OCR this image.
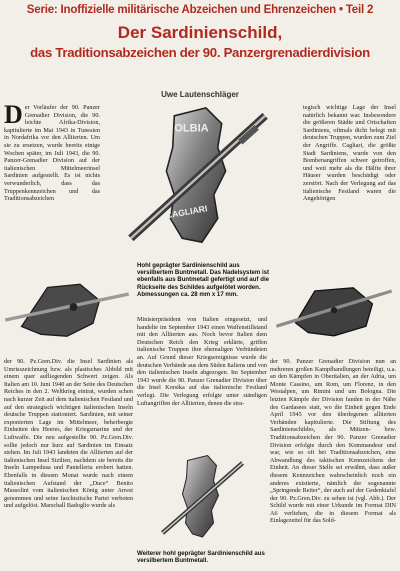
Serie: Inoffizielle militärische Abzeichen und Ehrenzeichen • Teil 2
Der Sardinienschild,
das Traditionsabzeichen der 90. Panzergrenadierdivision
Uwe Lautenschläger
Der Vorläufer der 90. Panzer Grenadier Division, die 90. leichte Afrika-Division, kapitulierte im Mai 1943 in Tunesien in Nordafrika vor den Alliierten. Um sie zu ersetzen, wurde bereits einige Wochen später, im Juli 1943, die 90. Panzer-Grenadier Division auf der italienischen Mittelmeerinsel Sardinien aufgestellt. Es ist nichts verwunderlich, dass das Truppenkennzeichen und das Traditionsabzeichen
tegisch wichtige Lage der Insel natürlich bekannt war. Insbesondere die größeren Städte und Ortschaften Sardiniens, oftmals dicht belegt mit deutschen Truppen, wurden zum Ziel der Angriffe. Cagliari, die größte Stadt Sardiniens, wurde von den Bombenangriffen schwer getroffen, und weit mehr als die Hälfte ihrer Häuser wurden beschädigt oder zerstört. Nach der Verlegung auf das italienische Festland waren die Angehörigen
OLBIA
CAGLIARI
Hohl geprägter Sardinienschild aus versilbertem Buntmetall. Das Nadelsystem ist ebenfalls aus Buntmetall gefertigt und auf die Rückseite des Schildes aufgelötet worden.
Abmessungen ca. 28 mm x 17 mm.
der 90. Pz.Gren.Div. die Insel Sardinien als Umrisszeichnung bzw. als plastisches Abbild mit einem quer aufliegenden Schwert zeigen. Als Italien am 10. Juni 1940 an der Seite des Deutschen Reiches in den 2. Weltkrieg eintrat, wurden schon nach kurzer Zeit auf dem italienischen Festland und auf den strategisch wichtigen italienischen Inseln deutsche Truppen stationiert. Sardinien, mit seiner exponierten Lage im Mittelmeer, beherbergte Einheiten des Heeres, der Kriegsmarine und der Luftwaffe. Die neu aufgestellte 90. Pz.Gren.Div. sollte jedoch nur kurz auf Sardinien im Einsatz stehen. Im Juli 1943 landeten die Alliierten auf der italienischen Insel Sizilien, nachdem sie bereits die Inseln Lampedusa und Pantelleria erobert hatten. Ebenfalls in diesem Monat wurde nach einem italienischen Aufstand der „Duce“ Benito Mussolini vom italienischen König unter Arrest genommen und seine faschistische Partei verboten und aufgelöst. Marschall Badoglio wurde als
Ministerpräsident von Italien eingesetzt, und handelte im September 1943 einen Waffenstillstand mit den Alliierten aus. Noch bevor Italien dem Deutschen Reich den Krieg erklärte, griffen italienische Truppen ihre ehemaligen Verbündeten an. Auf Grund dieser Kriegsereignisse wurde die deutschen Verbände aus dem Süden Italiens und von den italienischen Inseln abgezogen. Im September 1943 wurde die 90. Panzer Grenadier Division über die Insel Korsika auf das italienische Festland verlegt. Die Verlegung erfolgte unter ständigen Luftangriffen der Alliierten, denen die stra-
der 90. Panzer Grenadier Division nun an mehreren großen Kampfhandlungen beteiligt, u.a. an den Kämpfen in Oberitalien, an der Adria, um Monte Cassino, um Rom, um Florenz, in den Westalpen, um Rimini und um Bologna. Die letzten Kämpfe der Division fanden in der Nähe des Gardasees statt, wo die Einheit gegen Ende April 1945 vor den überlegenen alliierten Verbänden kapitulierte. Die Stiftung des Sardinienschildes, als Mützen- bzw. Traditionsabzeichen der 90. Panzer Grenadier Division erfolgte durch den Kommandeur und war, wie so oft bei Traditionsabzeichen, eine Abwandlung des taktischen Kennzeichens der Einheit. An dieser Stelle sei erwähnt, dass außer diesem Kennzeichen wahrscheinlich noch ein anderes existierte, nämlich der sogenannte „Springende Reiter“, der auch auf der Gedenktafel der 90. Pz.Gren.Div. zu sehen ist (vgl. Abb.). Der Schild wurde mit einer Urkunde im Format DIN A6 verliehen, die in diesem Format als Einlagezettel für das Sold-
Weiterer hohl geprägter Sardinienschild aus versilbertem Buntmetall.
